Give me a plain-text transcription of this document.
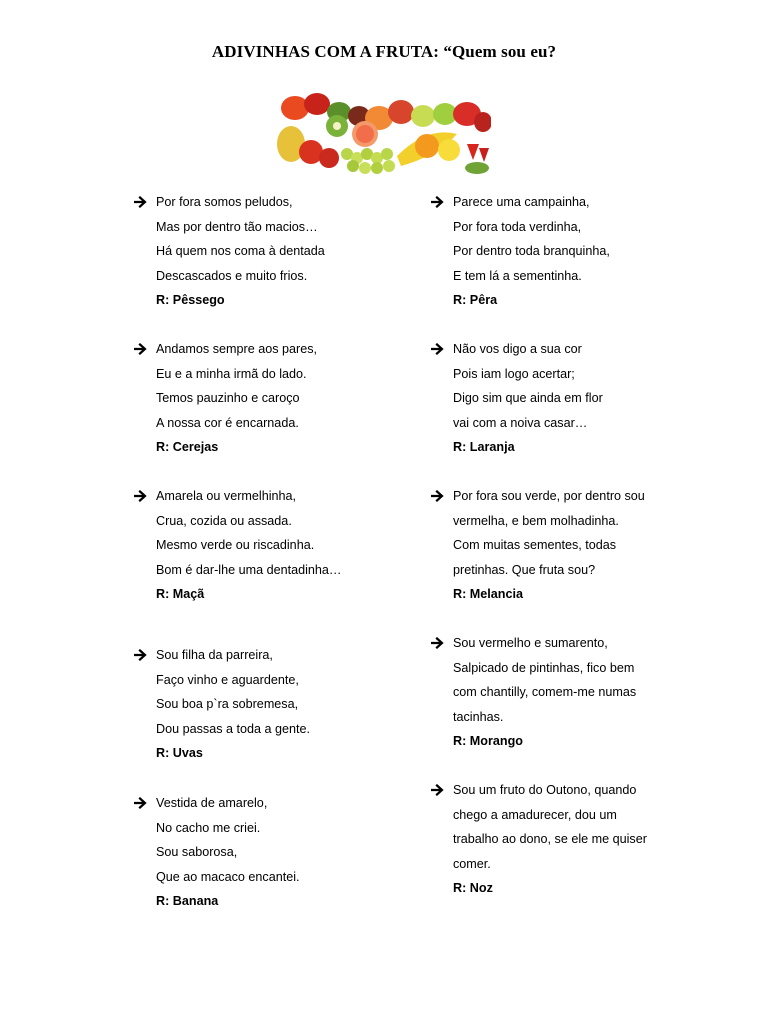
ADIVINHAS COM A FRUTA: “Quem sou eu?
Por fora somos peludos,
Mas por dentro tão macios…
Há quem nos coma à dentada
Descascados e muito frios.
R: Pêssego
Andamos sempre aos pares,
Eu e a minha irmã do lado.
Temos pauzinho e caroço
A nossa cor é encarnada.
R: Cerejas
Amarela ou vermelhinha,
Crua, cozida ou assada.
Mesmo verde ou riscadinha.
Bom é dar-lhe uma dentadinha…
R: Maçã
Sou filha da parreira,
Faço vinho e aguardente,
Sou boa p`ra sobremesa,
Dou passas a toda a gente.
R: Uvas
Vestida de amarelo,
No cacho me criei.
Sou saborosa,
Que ao macaco encantei.
R: Banana
Parece uma campainha,
Por fora toda verdinha,
Por dentro toda branquinha,
E tem lá a sementinha.
R: Pêra
Não vos digo a sua cor
Pois iam logo acertar;
Digo sim que ainda em flor
vai com a noiva casar…
R: Laranja
Por fora sou verde, por dentro sou
vermelha, e bem molhadinha.
Com muitas sementes, todas
pretinhas. Que fruta sou?
R: Melancia
Sou vermelho e sumarento,
Salpicado de pintinhas, fico bem
com chantilly, comem-me numas
tacinhas.
R: Morango
Sou um fruto do Outono, quando
chego a amadurecer, dou um
trabalho ao dono, se ele me quiser
comer.
R: Noz
